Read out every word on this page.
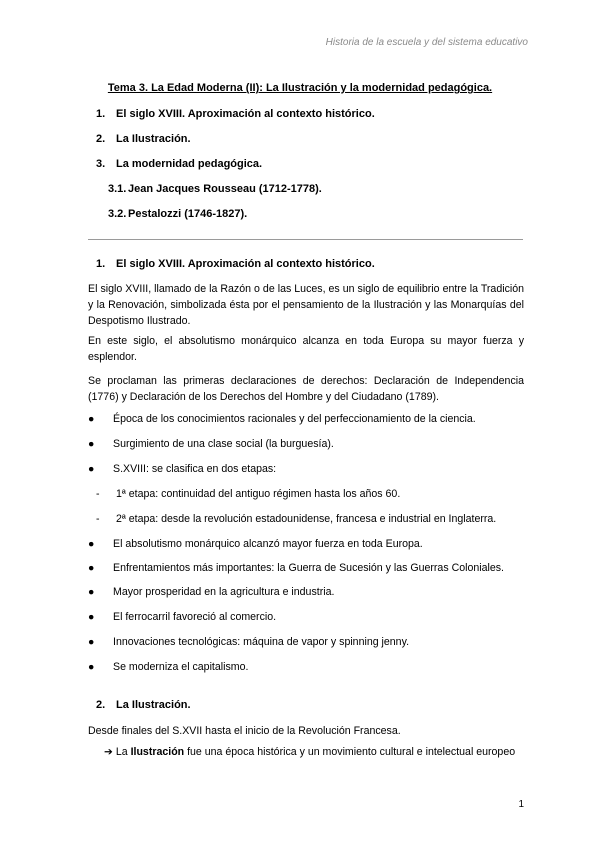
Historia de la escuela y del sistema educativo
Tema 3. La Edad Moderna (II): La Ilustración y la modernidad pedagógica.
1. El siglo XVIII. Aproximación al contexto histórico.
2. La Ilustración.
3. La modernidad pedagógica.
3.1. Jean Jacques Rousseau (1712-1778).
3.2. Pestalozzi (1746-1827).
1. El siglo XVIII. Aproximación al contexto histórico.
El siglo XVIII, llamado de la Razón o de las Luces, es un siglo de equilibrio entre la Tradición y la Renovación, simbolizada ésta por el pensamiento de la Ilustración y las Monarquías del Despotismo Ilustrado.
En este siglo, el absolutismo monárquico alcanza en toda Europa su mayor fuerza y esplendor.
Se proclaman las primeras declaraciones de derechos: Declaración de Independencia (1776) y Declaración de los Derechos del Hombre y del Ciudadano (1789).
● Época de los conocimientos racionales y del perfeccionamiento de la ciencia.
● Surgimiento de una clase social (la burguesía).
● S.XVIII: se clasifica en dos etapas:
- 1ª etapa: continuidad del antiguo régimen hasta los años 60.
- 2ª etapa: desde la revolución estadounidense, francesa e industrial en Inglaterra.
● El absolutismo monárquico alcanzó mayor fuerza en toda Europa.
● Enfrentamientos más importantes: la Guerra de Sucesión y las Guerras Coloniales.
● Mayor prosperidad en la agricultura e industria.
● El ferrocarril favoreció al comercio.
● Innovaciones tecnológicas: máquina de vapor y spinning jenny.
● Se moderniza el capitalismo.
2. La Ilustración.
Desde finales del S.XVII hasta el inicio de la Revolución Francesa.
➔ La Ilustración fue una época histórica y un movimiento cultural e intelectual europeo
1
